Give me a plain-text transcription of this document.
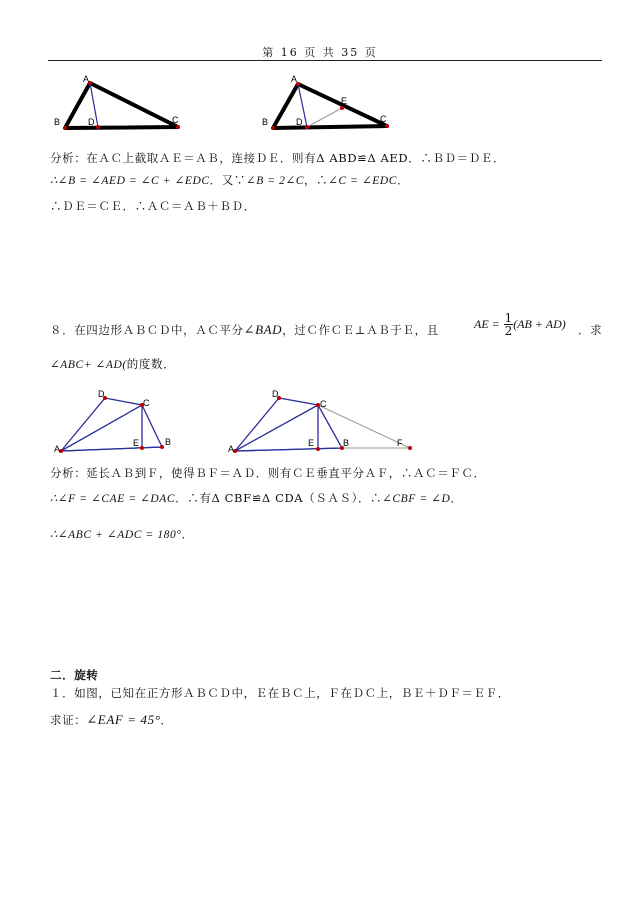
第 16 页 共 35 页
A
B	D	C
A
B	D	C
E
分析：在ＡＣ上截取ＡＥ＝ＡＢ，连接ＤＥ．则有Δ ABD≌Δ AED．∴ＢＤ＝ＤＥ．
∴∠B = ∠AED = ∠C + ∠EDC．又∵∠B = 2∠C，∴∠C = ∠EDC．
∴ＤＥ＝ＣＥ．∴ＡＣ＝ＡＢ＋ＢＤ．
８．在四边形ＡＢＣＤ中，ＡＣ平分∠BAD，过Ｃ作ＣＥ⊥ＡＢ于Ｅ，且	AE = $\frac{1}{2} (AB + AD)$ ．求
∠ABC+ ∠AD(的度数．
A
D
C
E	B
A
D
C
E	B	F
分析：延长ＡＢ到Ｆ，使得ＢＦ＝ＡＤ．则有ＣＥ垂直平分ＡＦ，∴ＡＣ＝ＦＣ．
∴∠F = ∠CAE = ∠DAC．∴有Δ CBF≌Δ CDA（ＳＡＳ）．∴∠CBF = ∠D．
∴∠ABC + ∠ADC = 180°．
二．旋转
１．如图，已知在正方形ＡＢＣＤ中，Ｅ在ＢＣ上，Ｆ在ＤＣ上，ＢＥ＋ＤＦ＝ＥＦ．
求证：∠EAF = 45°．
